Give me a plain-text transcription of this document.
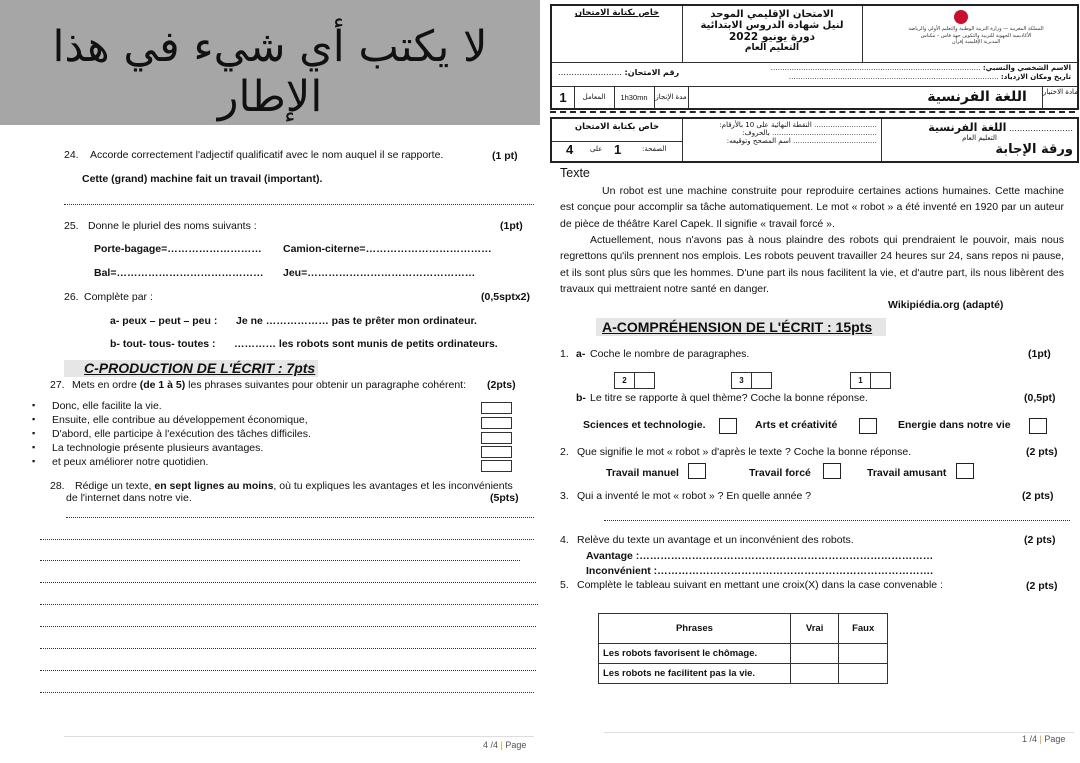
لا يكتب أي شيء في هذا الإطار
24. Accorde correctement l'adjectif qualificatif avec le nom auquel il se rapporte.	(1 pt)
Cette (grand) machine fait un travail (important).
25. Donne le pluriel des noms suivants :	(1pt)
Porte-bagage=……………………… Camion-citerne=………………………………
Bal=…………………………………… Jeu=…………………………………………
26. Complète par :	(0,5sptx2)
a- peux – peut – peu : Je ne ……………… pas te prêter mon ordinateur.
b- tout- tous- toutes : ………… les robots sont munis de petits ordinateurs.
C-PRODUCTION DE L'ÉCRIT : 7pts
27. Mets en ordre (de 1 à 5) les phrases suivantes pour obtenir un paragraphe cohérent: (2pts)
▪ Donc, elle facilite la vie.
▪ Ensuite, elle contribue au développement économique,
▪ D'abord, elle participe à l'exécution des tâches difficiles.
▪ La technologie présente plusieurs avantages.
▪ et peux améliorer notre quotidien.
28. Rédige un texte, en sept lignes au moins, où tu expliques les avantages et les inconvénients
de l'internet dans notre vie.	(5pts)
4 /4 | Page
خاص بكتابة الامتحان	الامتحان الإقليمي الموحد
لنيل شهادة الدروس الابتدائية
دورة يونيو 2022
التعليم العام
المملكة المغربية — وزارة التربية الوطنية والتعليم الأولي والرياضة
الأكاديمية الجهوية للتربية والتكوين جهة فاس – مكناس
المديرية الإقليمية إفران
الاسم الشخصي والنسبي: ………………………………………………………………………………
تاريخ ومكان الازدياد: ………………………………………………………………………………
رقم الامتحان: ……………………
1	المعامل	1h30mn	مدة الإنجاز	اللغة الفرنسية	مادة الاختبار
خاص بكتابة الامتحان
4 على 1	الصفحة:
……………………… النقطة النهائية على 10 بالأرقام:
……………………………………… بالحروف:
……………………………… اسم المصحح وتوقيعه:
…………………… اللغة الفرنسية
التعليم العام
ورقة الإجابة
Texte
Un robot est une machine construite pour reproduire certaines actions humaines. Cette machine est conçue pour accomplir sa tâche automatiquement. Le mot « robot » a été inventé en 1920 par un auteur de pièce de théâtre Karel Capek. Il signifie « travail forcé ».
Actuellement, nous n'avons pas à nous plaindre des robots qui prendraient le pouvoir, mais nous regrettons qu'ils prennent nos emplois. Les robots peuvent travailler 24 heures sur 24, sans repos ni pause, et ils sont plus sûrs que les hommes. D'une part ils nous facilitent la vie, et d'autre part, ils nous libèrent des travaux qui mettraient notre santé en danger.
Wikipiédia.org (adapté)
A-COMPRÉHENSION DE L'ÉCRIT : 15pts
1. a- Coche le nombre de paragraphes.	(1pt)
2	3	1
b- Le titre se rapporte à quel thème? Coche la bonne réponse.	(0,5pt)
Sciences et technologie.	Arts et créativité	Energie dans notre vie
2. Que signifie le mot « robot » d'après le texte ? Coche la bonne réponse.	(2 pts)
Travail manuel	Travail forcé	Travail amusant
3. Qui a inventé le mot « robot » ? En quelle année ?	(2 pts)
4. Relève du texte un avantage et un inconvénient des robots.	(2 pts)
Avantage :…………………………………………………………………………
Inconvénient :…………………………………………………………………….
5. Complète le tableau suivant en mettant une croix(X) dans la case convenable :	(2 pts)
Phrases	Vrai	Faux
Les robots favorisent le chômage.		
Les robots ne facilitent pas la vie.		
1 /4 | Page
